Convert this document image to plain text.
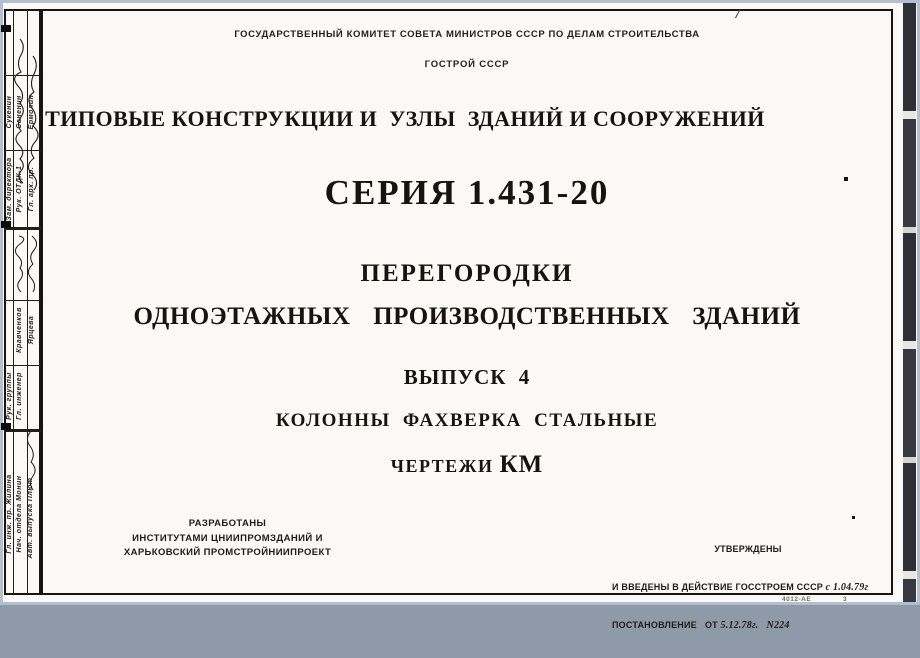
Сукенин Саненин Ермолин
Зам. директора Рук. ОТДК-1 Гл. арх. пр.
Кравченков Ярцева
Рук. группы Гл. инженер
Гл. инж. пр. Жилина Нач. отдела Монин Авт. выпуска Плют
ГОСУДАРСТВЕННЫЙ КОМИТЕТ СОВЕТА МИНИСТРОВ СССР ПО ДЕЛАМ СТРОИТЕЛЬСТВА
ГОСТРОЙ СССР
ТИПОВЫЕ КОНСТРУКЦИИ И  УЗЛЫ  ЗДАНИЙ И СООРУЖЕНИЙ
СЕРИЯ 1.431-20
ПЕРЕГОРОДКИ
ОДНОЭТАЖНЫХ ПРОИЗВОДСТВЕННЫХ ЗДАНИЙ
ВЫПУСК 4
КОЛОННЫ ФАХВЕРКА СТАЛЬНЫЕ
ЧЕРТЕЖИ КМ
РАЗРАБОТАНЫ
ИНСТИТУТАМИ ЦНИИПРОМЗДАНИЙ И
ХАРЬКОВСКИЙ ПРОМСТРОЙНИИПРОЕКТ

	УТВЕРЖДЕНЫ

И ВВЕДЕНЫ В ДЕЙСТВИЕ ГОССТРОЕМ СССР с 1.04.79г

ПОСТАНОВЛЕНИЕ   ОТ 5.12.78г. N224

4012-АЕ	3
